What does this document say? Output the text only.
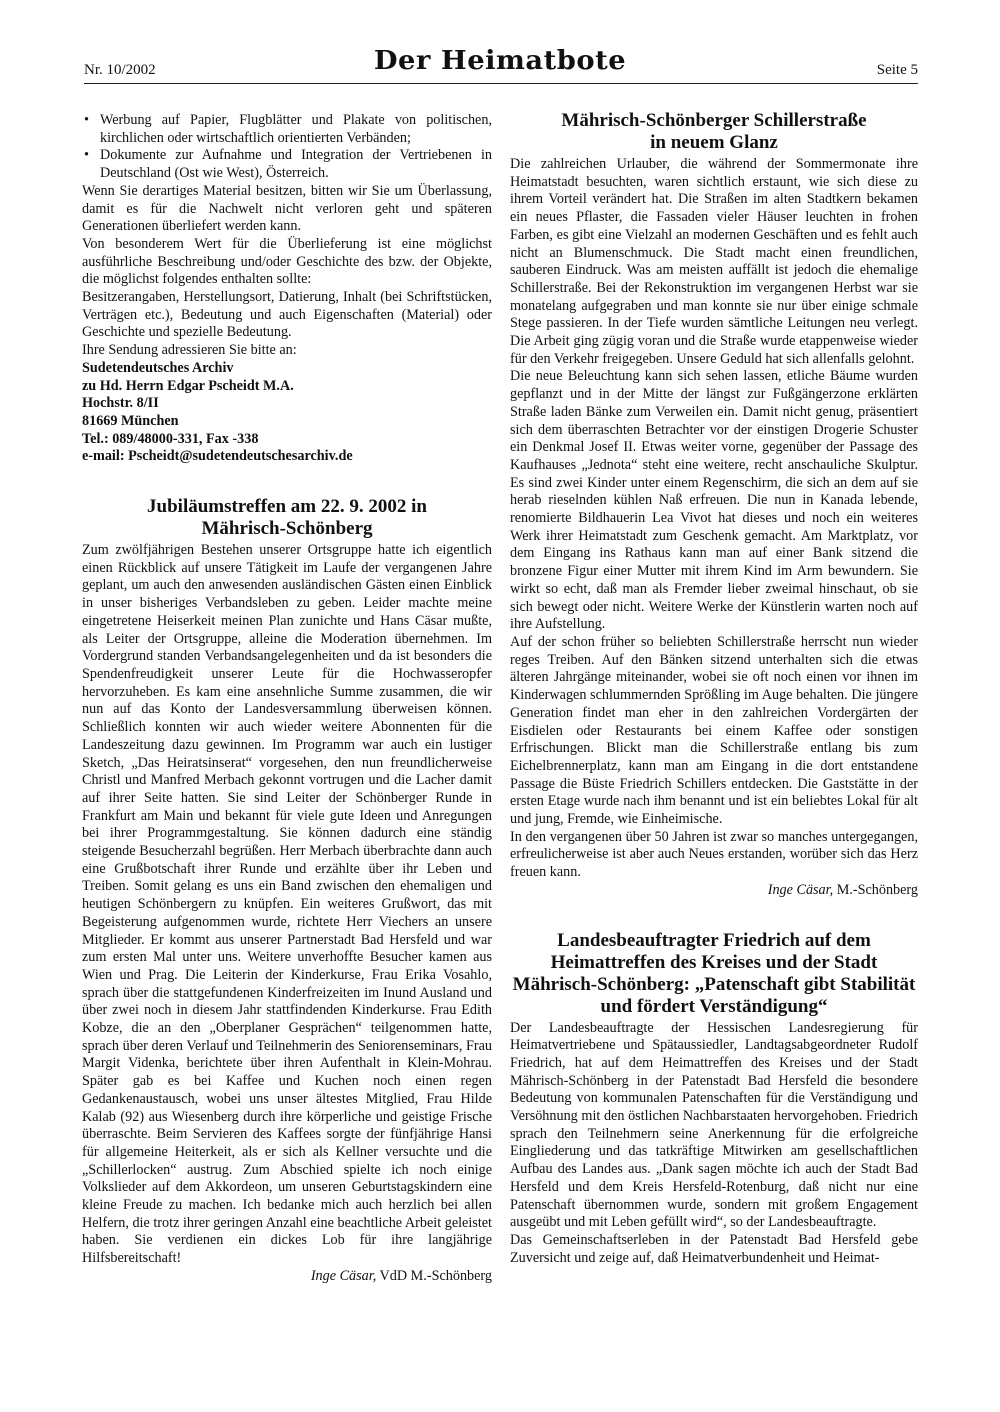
Nr. 10/2002	Der Heimatbote	Seite 5
• Werbung auf Papier, Flugblätter und Plakate von politischen, kirchlichen oder wirtschaftlich orientierten Verbänden;
• Dokumente zur Aufnahme und Integration der Vertriebenen in Deutschland (Ost wie West), Österreich.

Wenn Sie derartiges Material besitzen, bitten wir Sie um Überlassung, damit es für die Nachwelt nicht verloren geht und späteren Generationen überliefert werden kann.

Von besonderem Wert für die Überlieferung ist eine möglichst ausführliche Beschreibung und/oder Geschichte des bzw. der Objekte, die möglichst folgendes enthalten sollte:

Besitzerangaben, Herstellungsort, Datierung, Inhalt (bei Schriftstücken, Verträgen etc.), Bedeutung und auch Eigenschaften (Material) oder Geschichte und spezielle Bedeutung.

Ihre Sendung adressieren Sie bitte an:

Sudetendeutsches Archiv

zu Hd. Herrn Edgar Pscheidt M.A.

Hochstr. 8/II

81669 München

Tel.: 089/48000-331, Fax -338

e-mail: Pscheidt@sudetendeutschesarchiv.de

Jubiläumstreffen am 22. 9. 2002 in
Mährisch-Schönberg

Zum zwölfjährigen Bestehen unserer Ortsgruppe hatte ich eigentlich einen Rückblick auf unsere Tätigkeit im Laufe der vergangenen Jahre geplant, um auch den anwesenden ausländischen Gästen einen Einblick in unser bisheriges Verbandsleben zu geben. Leider machte meine eingetretene Heiserkeit meinen Plan zunichte und Hans Cäsar mußte, als Leiter der Ortsgruppe, alleine die Moderation übernehmen. Im Vordergrund standen Verbandsangelegenheiten und da ist besonders die Spendenfreudigkeit unserer Leute für die Hochwasseropfer hervorzuheben. Es kam eine ansehnliche Summe zusammen, die wir nun auf das Konto der Landesversammlung überweisen können. Schließlich konnten wir auch wieder weitere Abonnenten für die Landeszeitung dazu gewinnen. Im Programm war auch ein lustiger Sketch, „Das Heiratsinserat“ vorgesehen, den nun freundlicherweise Christl und Manfred Merbach gekonnt vortrugen und die Lacher damit auf ihrer Seite hatten. Sie sind Leiter der Schönberger Runde in Frankfurt am Main und bekannt für viele gute Ideen und Anregungen bei ihrer Programmgestaltung. Sie können dadurch eine ständig steigende Besucherzahl begrüßen. Herr Merbach überbrachte dann auch eine Grußbotschaft ihrer Runde und erzählte über ihr Leben und Treiben. Somit gelang es uns ein Band zwischen den ehemaligen und heutigen Schönbergern zu knüpfen. Ein weiteres Grußwort, das mit Begeisterung aufgenommen wurde, richtete Herr Viechers an unsere Mitglieder. Er kommt aus unserer Partnerstadt Bad Hersfeld und war zum ersten Mal unter uns. Weitere unverhoffte Besucher kamen aus Wien und Prag. Die Leiterin der Kinderkurse, Frau Erika Vosahlo, sprach über die stattgefundenen Kinderfreizeiten im Inund Ausland und über zwei noch in diesem Jahr stattfindenden Kinderkurse. Frau Edith Kobze, die an den „Oberplaner Gesprächen“ teilgenommen hatte, sprach über deren Verlauf und Teilnehmerin des Seniorenseminars, Frau Margit Videnka, berichtete über ihren Aufenthalt in Klein-Mohrau. Später gab es bei Kaffee und Kuchen noch einen regen Gedankenaustausch, wobei uns unser ältestes Mitglied, Frau Hilde Kalab (92) aus Wiesenberg durch ihre körperliche und geistige Frische überraschte. Beim Servieren des Kaffees sorgte der fünfjährige Hansi für allgemeine Heiterkeit, als er sich als Kellner versuchte und die „Schillerlocken“ austrug. Zum Abschied spielte ich noch einige Volkslieder auf dem Akkordeon, um unseren Geburtstagskindern eine kleine Freude zu machen. Ich bedanke mich auch herzlich bei allen Helfern, die trotz ihrer geringen Anzahl eine beachtliche Arbeit geleistet haben. Sie verdienen ein dickes Lob für ihre langjährige Hilfsbereitschaft!

Inge Cäsar, VdD M.-Schönberg
Mährisch-Schönberger Schillerstraße
in neuem Glanz

Die zahlreichen Urlauber, die während der Sommermonate ihre Heimatstadt besuchten, waren sichtlich erstaunt, wie sich diese zu ihrem Vorteil verändert hat. Die Straßen im alten Stadtkern bekamen ein neues Pflaster, die Fassaden vieler Häuser leuchten in frohen Farben, es gibt eine Vielzahl an modernen Geschäften und es fehlt auch nicht an Blumenschmuck. Die Stadt macht einen freundlichen, sauberen Eindruck. Was am meisten auffällt ist jedoch die ehemalige Schillerstraße. Bei der Rekonstruktion im vergangenen Herbst war sie monatelang aufgegraben und man konnte sie nur über einige schmale Stege passieren. In der Tiefe wurden sämtliche Leitungen neu verlegt. Die Arbeit ging zügig voran und die Straße wurde etappenweise wieder für den Verkehr freigegeben. Unsere Geduld hat sich allenfalls gelohnt.

Die neue Beleuchtung kann sich sehen lassen, etliche Bäume wurden gepflanzt und in der Mitte der längst zur Fußgängerzone erklärten Straße laden Bänke zum Verweilen ein. Damit nicht genug, präsentiert sich dem überraschten Betrachter vor der einstigen Drogerie Schuster ein Denkmal Josef II. Etwas weiter vorne, gegenüber der Passage des Kaufhauses „Jednota“ steht eine weitere, recht anschauliche Skulptur. Es sind zwei Kinder unter einem Regenschirm, die sich an dem auf sie herab rieselnden kühlen Naß erfreuen. Die nun in Kanada lebende, renomierte Bildhauerin Lea Vivot hat dieses und noch ein weiteres Werk ihrer Heimatstadt zum Geschenk gemacht. Am Marktplatz, vor dem Eingang ins Rathaus kann man auf einer Bank sitzend die bronzene Figur einer Mutter mit ihrem Kind im Arm bewundern. Sie wirkt so echt, daß man als Fremder lieber zweimal hinschaut, ob sie sich bewegt oder nicht. Weitere Werke der Künstlerin warten noch auf ihre Aufstellung.

Auf der schon früher so beliebten Schillerstraße herrscht nun wieder reges Treiben. Auf den Bänken sitzend unterhalten sich die etwas älteren Jahrgänge miteinander, wobei sie oft noch einen vor ihnen im Kinderwagen schlummernden Sprößling im Auge behalten. Die jüngere Generation findet man eher in den zahlreichen Vordergärten der Eisdielen oder Restaurants bei einem Kaffee oder sonstigen Erfrischungen. Blickt man die Schillerstraße entlang bis zum Eichelbrennerplatz, kann man am Eingang in die dort entstandene Passage die Büste Friedrich Schillers entdecken. Die Gaststätte in der ersten Etage wurde nach ihm benannt und ist ein beliebtes Lokal für alt und jung, Fremde, wie Einheimische.

In den vergangenen über 50 Jahren ist zwar so manches untergegangen, erfreulicherweise ist aber auch Neues erstanden, worüber sich das Herz freuen kann.

Inge Cäsar, M.-Schönberg
Landesbeauftragter Friedrich auf dem Heimattreffen des Kreises und der Stadt Mährisch-Schönberg: „Patenschaft gibt Stabilität und fördert Verständigung“

Der Landesbeauftragte der Hessischen Landesregierung für Heimatvertriebene und Spätaussiedler, Landtagsabgeordneter Rudolf Friedrich, hat auf dem Heimattreffen des Kreises und der Stadt Mährisch-Schönberg in der Patenstadt Bad Hersfeld die besondere Bedeutung von kommunalen Patenschaften für die Verständigung und Versöhnung mit den östlichen Nachbarstaaten hervorgehoben. Friedrich sprach den Teilnehmern seine Anerkennung für die erfolgreiche Eingliederung und das tatkräftige Mitwirken am gesellschaftlichen Aufbau des Landes aus. „Dank sagen möchte ich auch der Stadt Bad Hersfeld und dem Kreis Hersfeld-Rotenburg, daß nicht nur eine Patenschaft übernommen wurde, sondern mit großem Engagement ausgeübt und mit Leben gefüllt wird“, so der Landesbeauftragte.

Das Gemeinschaftserleben in der Patenstadt Bad Hersfeld gebe Zuversicht und zeige auf, daß Heimatverbundenheit und Heimat-
